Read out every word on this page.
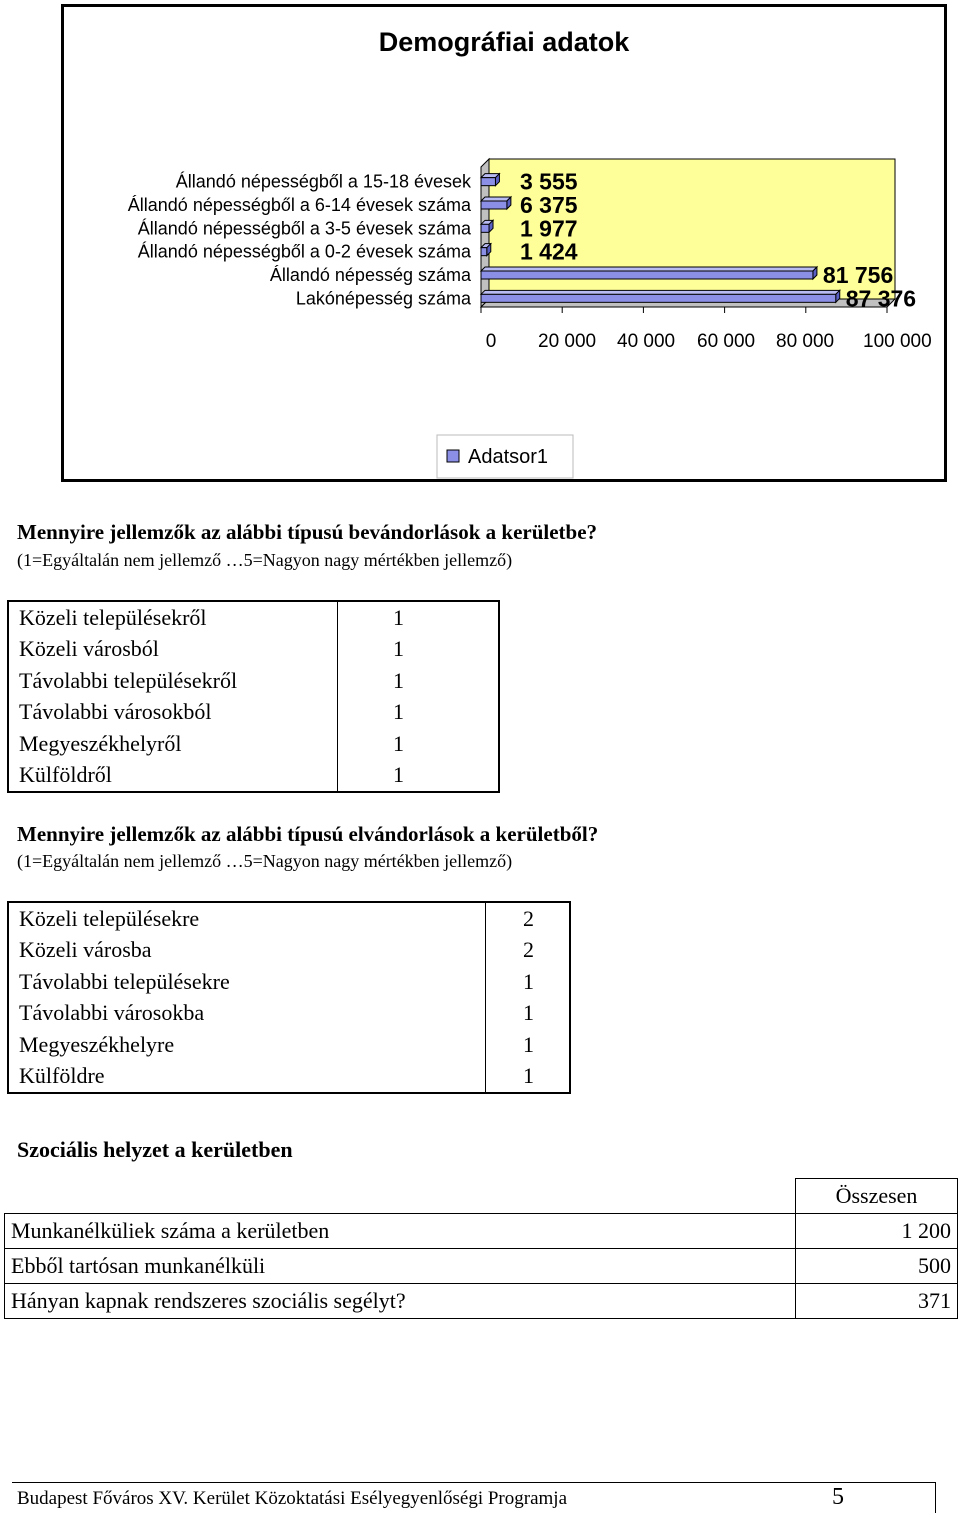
Demográfiai adatok
0 20 000 40 000 60 000 80 000 100 000
Állandó népességből a 15-18 évesek 3 555
Állandó népességből a 6-14 évesek száma 6 375
Állandó népességből a 3-5 évesek száma 1 977
Állandó népességből a 0-2 évesek száma 1 424
Állandó népesség száma	81 756
Lakónépesség száma	87 376
Adatsor1
Mennyire jellemzők az alábbi típusú bevándorlások a kerületbe?
(1=Egyáltalán nem jellemző …5=Nagyon nagy mértékben jellemző)
Közeli településekről	1
Közeli városból	1
Távolabbi településekről	1
Távolabbi városokból	1
Megyeszékhelyről	1
Külföldről	1
Mennyire jellemzők az alábbi típusú elvándorlások a kerületből?
(1=Egyáltalán nem jellemző …5=Nagyon nagy mértékben jellemző)
Közeli településekre	2
Közeli városba	2
Távolabbi településekre	1
Távolabbi városokba	1
Megyeszékhelyre	1
Külföldre	1
Szociális helyzet a kerületben
	Összesen
Munkanélküliek száma a kerületben	1 200
Ebből tartósan munkanélküli	500
Hányan kapnak rendszeres szociális segélyt?	371
Budapest Főváros XV. Kerület Közoktatási Esélyegyenlőségi Programja	5
